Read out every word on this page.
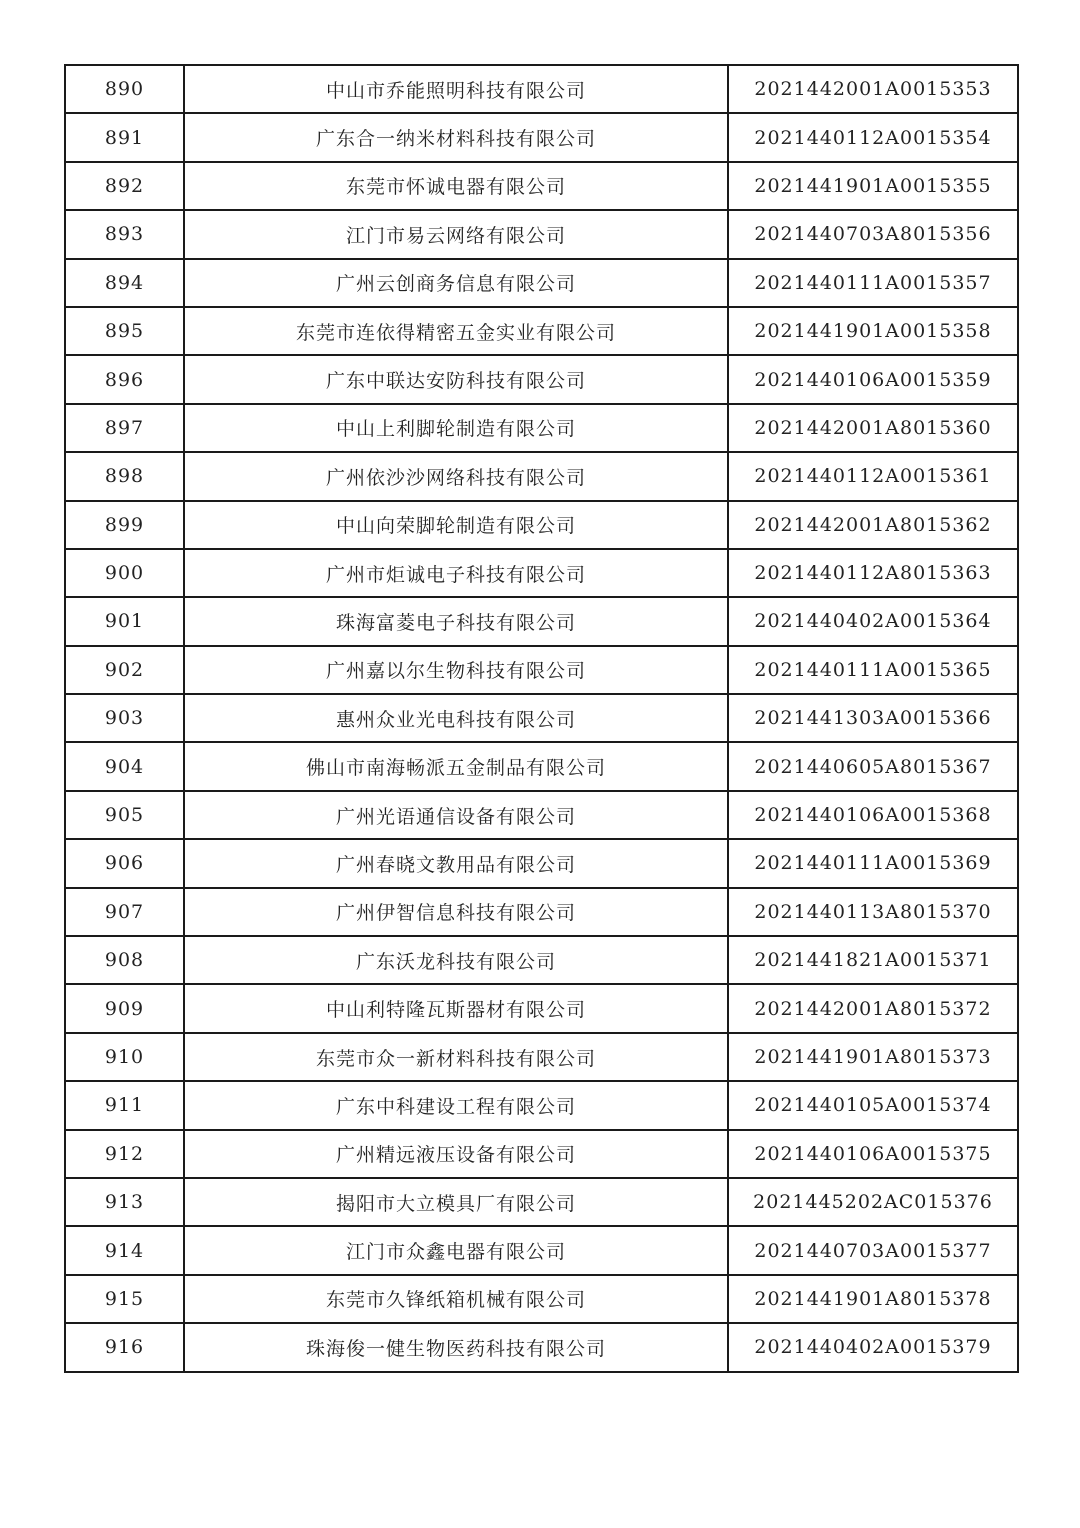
890	中山市乔能照明科技有限公司	2021442001A0015353
891	广东合一纳米材料科技有限公司	2021440112A0015354
892	东莞市怀诚电器有限公司	2021441901A0015355
893	江门市易云网络有限公司	2021440703A8015356
894	广州云创商务信息有限公司	2021440111A0015357
895	东莞市连依得精密五金实业有限公司	2021441901A0015358
896	广东中联达安防科技有限公司	2021440106A0015359
897	中山上利脚轮制造有限公司	2021442001A8015360
898	广州依沙沙网络科技有限公司	2021440112A0015361
899	中山向荣脚轮制造有限公司	2021442001A8015362
900	广州市炬诚电子科技有限公司	2021440112A8015363
901	珠海富菱电子科技有限公司	2021440402A0015364
902	广州嘉以尔生物科技有限公司	2021440111A0015365
903	惠州众业光电科技有限公司	2021441303A0015366
904	佛山市南海畅派五金制品有限公司	2021440605A8015367
905	广州光语通信设备有限公司	2021440106A0015368
906	广州春晓文教用品有限公司	2021440111A0015369
907	广州伊智信息科技有限公司	2021440113A8015370
908	广东沃龙科技有限公司	2021441821A0015371
909	中山利特隆瓦斯器材有限公司	2021442001A8015372
910	东莞市众一新材料科技有限公司	2021441901A8015373
911	广东中科建设工程有限公司	2021440105A0015374
912	广州精远液压设备有限公司	2021440106A0015375
913	揭阳市大立模具厂有限公司	2021445202AC015376
914	江门市众鑫电器有限公司	2021440703A0015377
915	东莞市久锋纸箱机械有限公司	2021441901A8015378
916	珠海俊一健生物医药科技有限公司	2021440402A0015379
